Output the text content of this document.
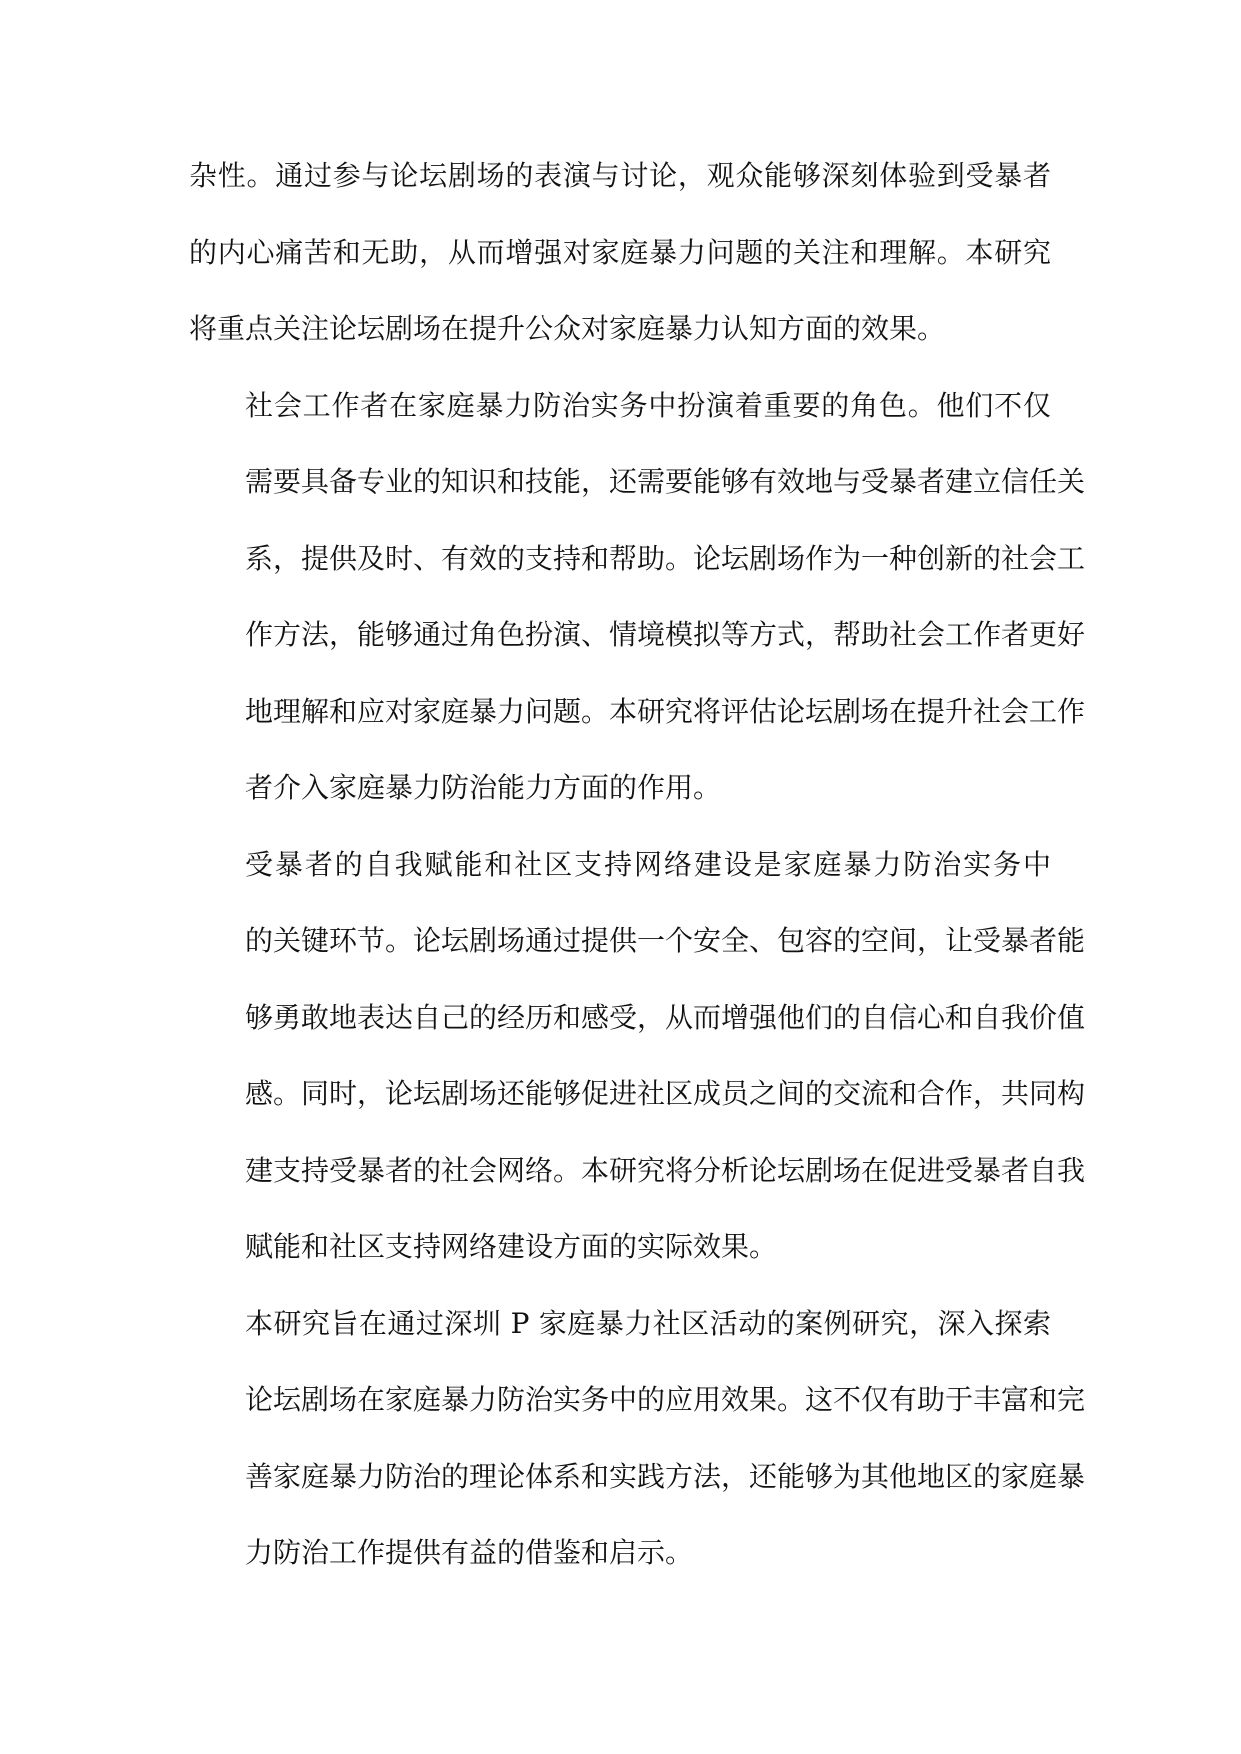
杂性。通过参与论坛剧场的表演与讨论，观众能够深刻体验到受暴者
的内心痛苦和无助，从而增强对家庭暴力问题的关注和理解。本研究
将重点关注论坛剧场在提升公众对家庭暴力认知方面的效果。

社会工作者在家庭暴力防治实务中扮演着重要的角色。他们不仅
需要具备专业的知识和技能，还需要能够有效地与受暴者建立信任关
系，提供及时、有效的支持和帮助。论坛剧场作为一种创新的社会工
作方法，能够通过角色扮演、情境模拟等方式，帮助社会工作者更好
地理解和应对家庭暴力问题。本研究将评估论坛剧场在提升社会工作
者介入家庭暴力防治能力方面的作用。

受暴者的自我赋能和社区支持网络建设是家庭暴力防治实务中
的关键环节。论坛剧场通过提供一个安全、包容的空间，让受暴者能
够勇敢地表达自己的经历和感受，从而增强他们的自信心和自我价值
感。同时，论坛剧场还能够促进社区成员之间的交流和合作，共同构
建支持受暴者的社会网络。本研究将分析论坛剧场在促进受暴者自我
赋能和社区支持网络建设方面的实际效果。

本研究旨在通过深圳 P 家庭暴力社区活动的案例研究，深入探索
论坛剧场在家庭暴力防治实务中的应用效果。这不仅有助于丰富和完
善家庭暴力防治的理论体系和实践方法，还能够为其他地区的家庭暴
力防治工作提供有益的借鉴和启示。
